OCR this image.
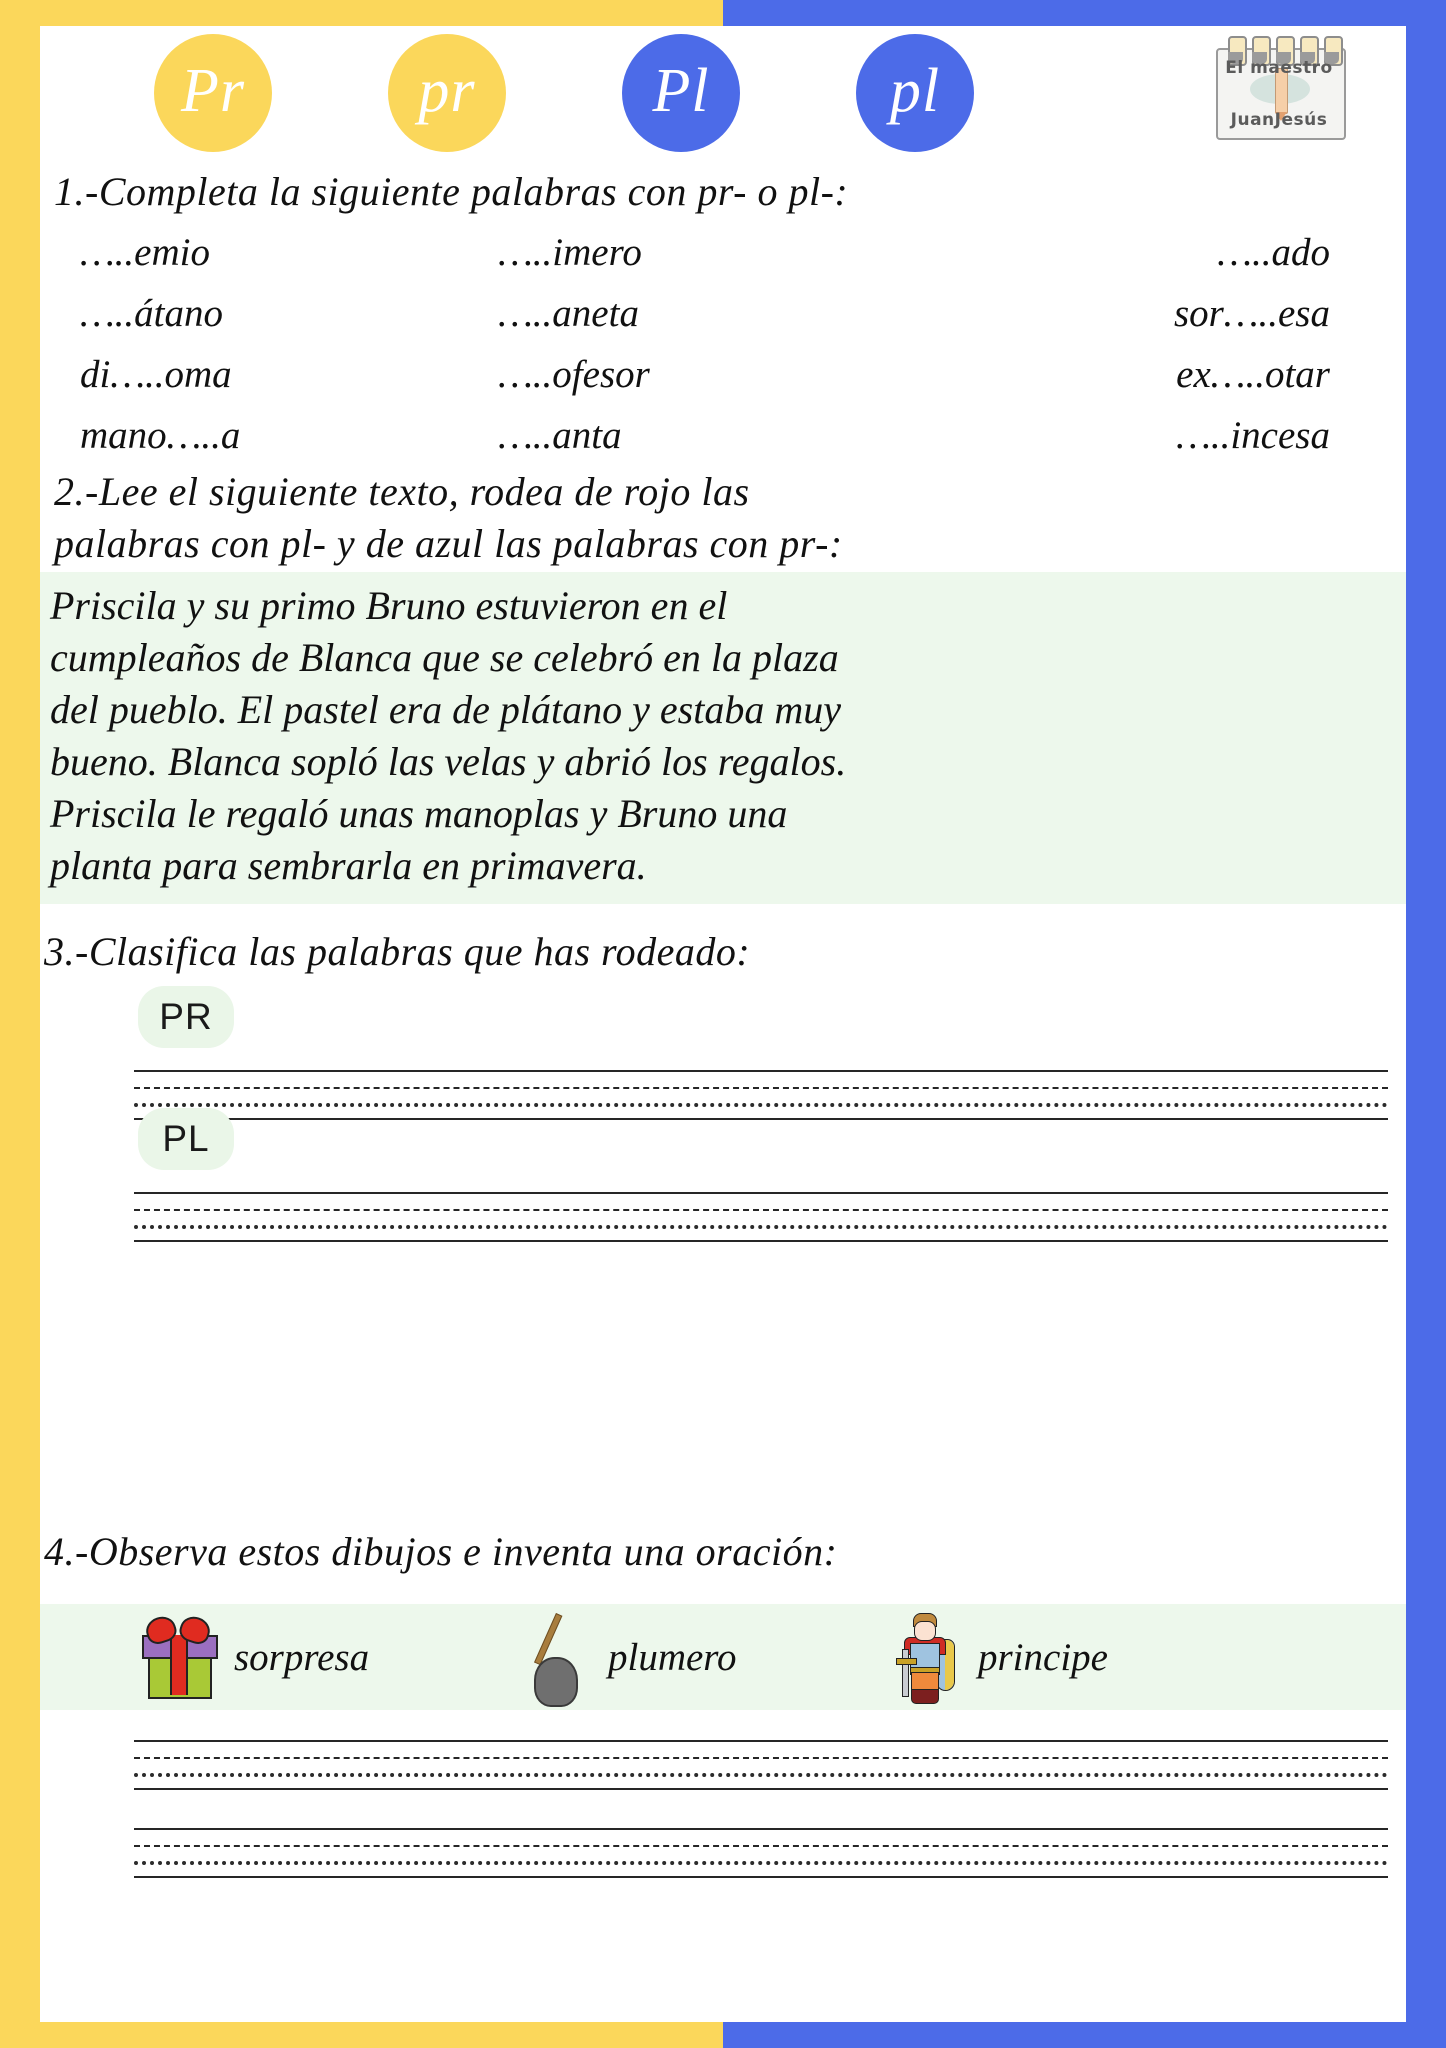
Pr	pr	Pl	pl	El maestro
JuanJesús
1.-Completa la siguiente palabras con pr- o pl-:
…..emio	…..imero	…..ado
…..átano	…..aneta	sor…..esa
di…..oma	…..ofesor	ex…..otar
mano…..a	…..anta	…..incesa
2.-Lee el siguiente texto, rodea de rojo las
palabras con pl- y de azul las palabras con pr-:
Priscila y su primo Bruno estuvieron en el
cumpleaños de Blanca que se celebró en la plaza
del pueblo. El pastel era de plátano y estaba muy
bueno. Blanca sopló las velas y abrió los regalos.
Priscila le regaló unas manoplas y Bruno una
planta para sembrarla en primavera.
3.-Clasifica las palabras que has rodeado:
PR
PL
4.-Observa estos dibujos e inventa una oración:
sorpresa	plumero	principe
